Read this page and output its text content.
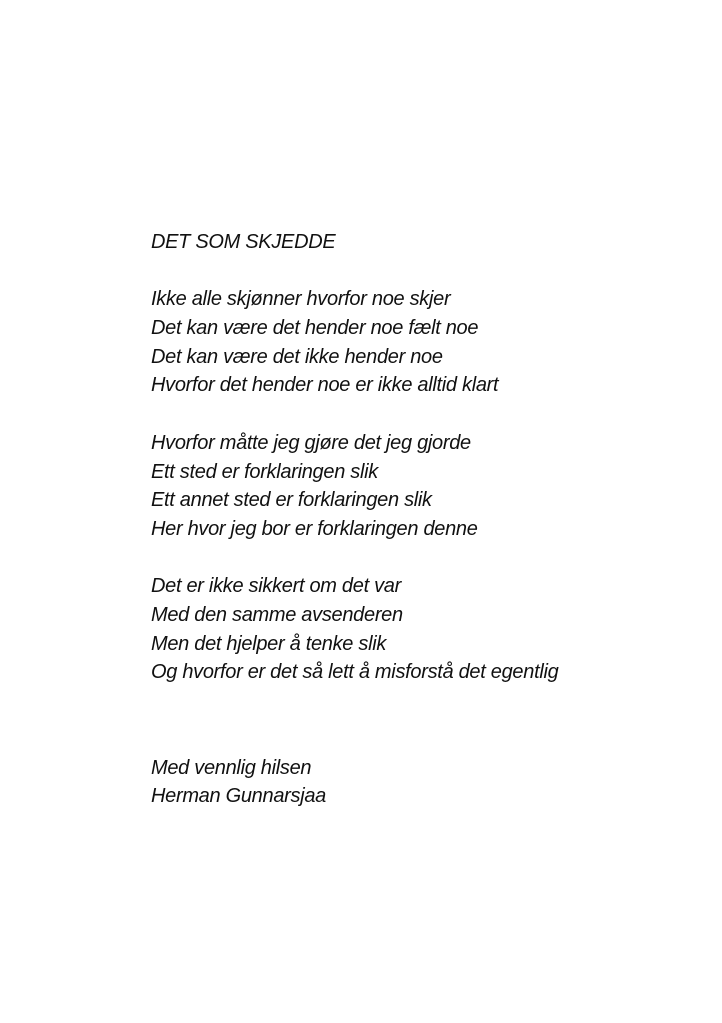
DET SOM SKJEDDE
Ikke alle skjønner hvorfor noe skjer
Det kan være det hender noe fælt noe
Det kan være det ikke hender noe
Hvorfor det hender noe er ikke alltid klart
Hvorfor måtte jeg gjøre det jeg gjorde
Ett sted er forklaringen slik
Ett annet sted er forklaringen slik
Her hvor jeg bor er forklaringen denne
Det er ikke sikkert om det var
Med den samme avsenderen
Men det hjelper å tenke slik
Og hvorfor er det så lett å misforstå det egentlig
Med vennlig hilsen
Herman Gunnarsjaa
